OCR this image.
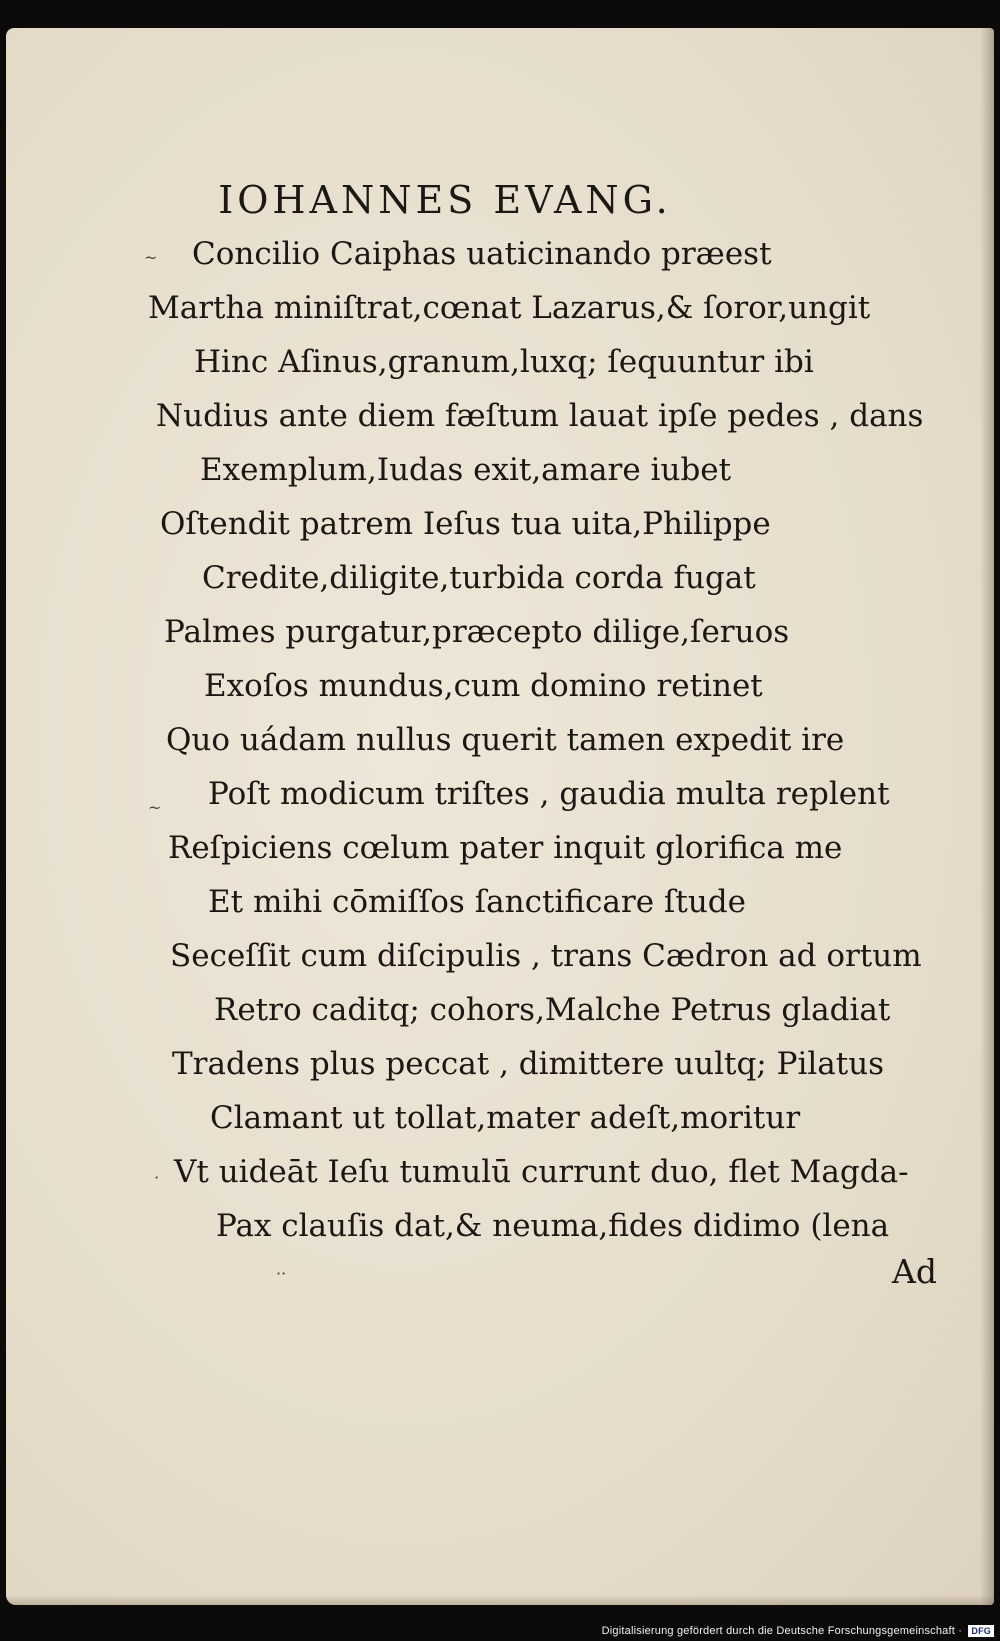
IOHANNES EVANG.
Concilio Caiphas uaticinando præest
Martha miniſtrat,cœnat Lazarus,& ſoror,ungit
Hinc Aſinus,granum,luxq; ſequuntur ibi
Nudius ante diem fæſtum lauat ipſe pedes , dans
Exemplum,Iudas exit,amare iubet
Oſtendit patrem Ieſus tua uita,Philippe
Credite,diligite,turbida corda fugat
Palmes purgatur,præcepto dilige,ſeruos
Exoſos mundus,cum domino retinet
Quo uádam nullus querit tamen expedit ire
Poſt modicum triſtes , gaudia multa replent
Reſpiciens cœlum pater inquit glorifica me
Et mihi cōmiſſos ſanctificare ſtude
Seceſſit cum diſcipulis , trans Cædron ad ortum
Retro caditq; cohors,Malche Petrus gladiat
Tradens plus peccat , dimittere uultq; Pilatus
Clamant ut tollat,mater adeſt,moritur
Vt uideāt Ieſu tumulū currunt duo, flet Magda-
Pax clauſis dat,& neuma,fides didimo (lena
Ad
~
~
·
··
Digitalisierung gefördert durch die Deutsche Forschungsgemeinschaft · DFG
